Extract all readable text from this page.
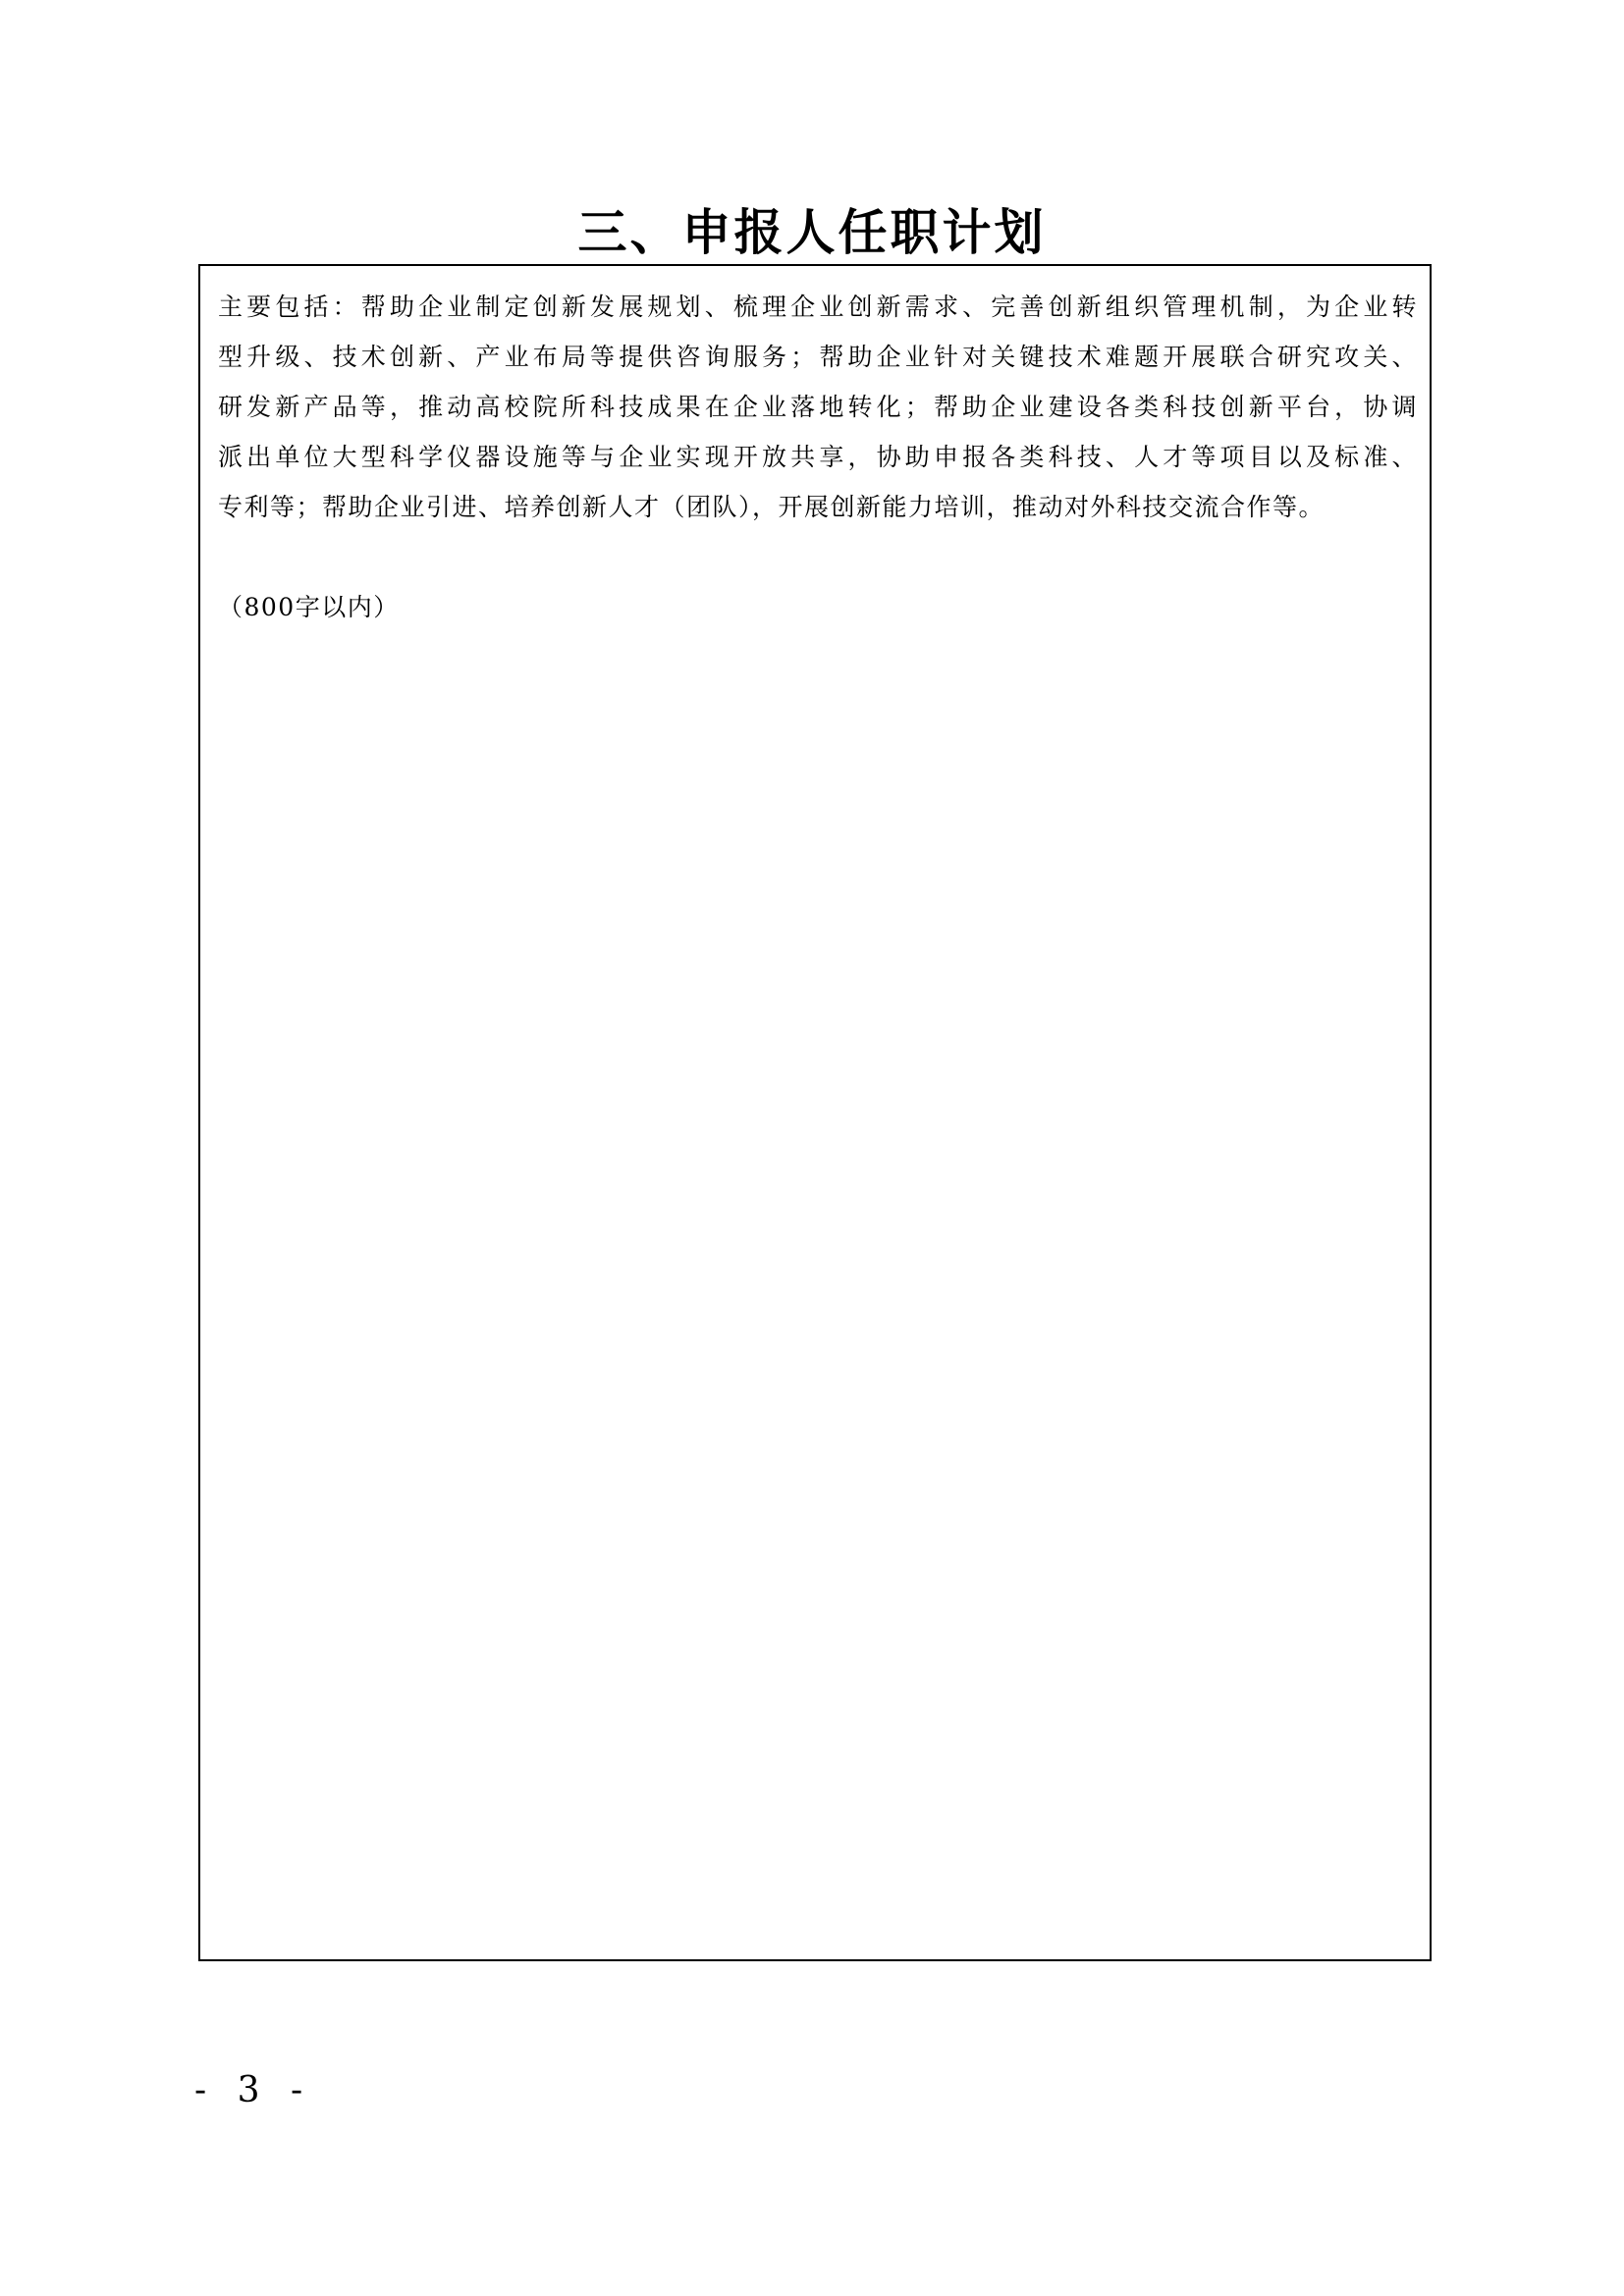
三、申报人任职计划
主要包括：帮助企业制定创新发展规划、梳理企业创新需求、完善创新组织管理机制，为企业转
型升级、技术创新、产业布局等提供咨询服务；帮助企业针对关键技术难题开展联合研究攻关、
研发新产品等，推动高校院所科技成果在企业落地转化；帮助企业建设各类科技创新平台，协调
派出单位大型科学仪器设施等与企业实现开放共享，协助申报各类科技、人才等项目以及标准、
专利等；帮助企业引进、培养创新人才（团队），开展创新能力培训，推动对外科技交流合作等。
（800字以内）
- 3 -
